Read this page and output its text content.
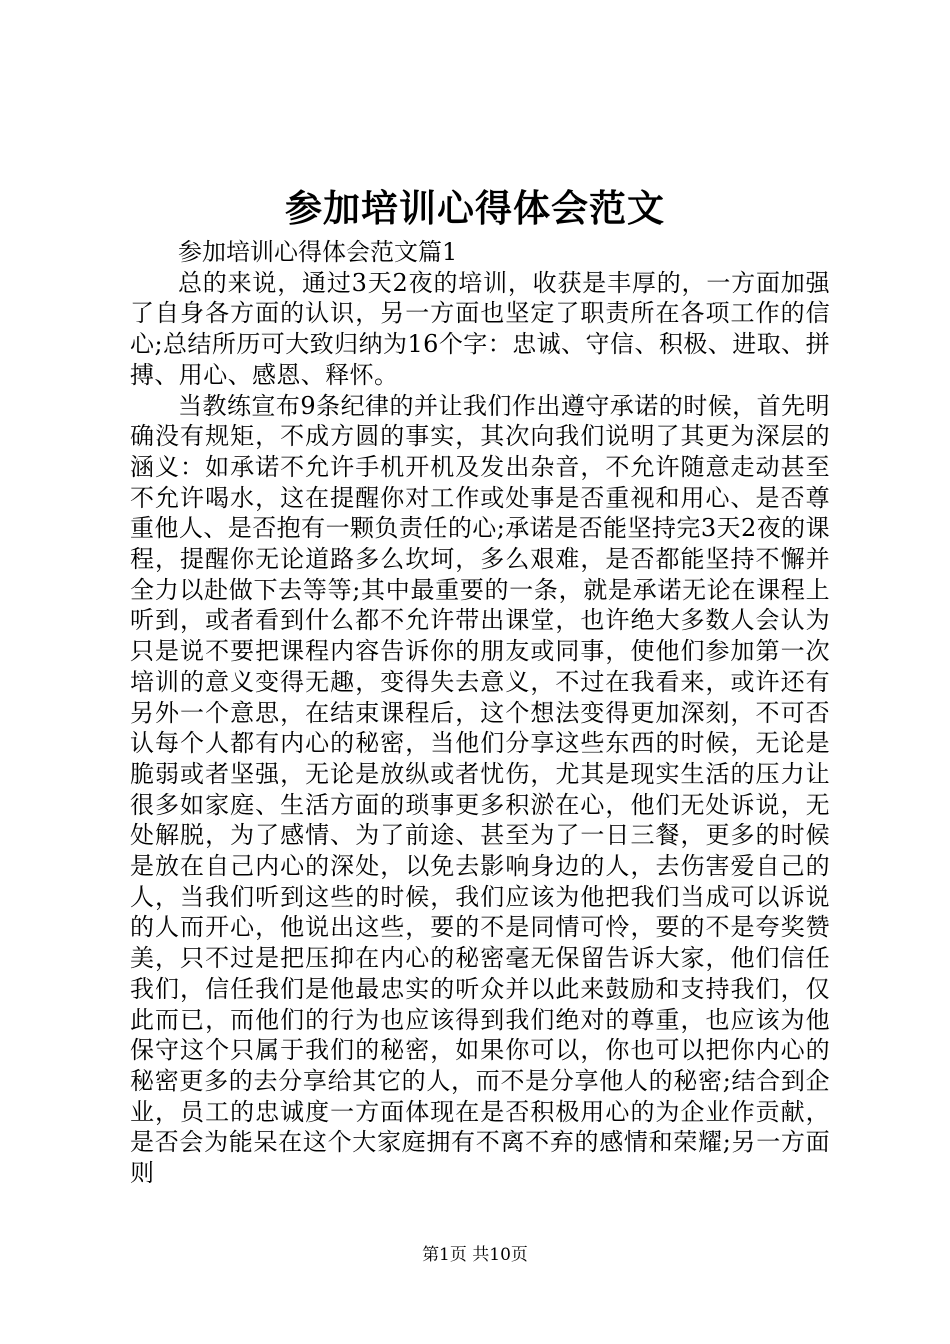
参加培训心得体会范文

参加培训心得体会范文篇1

总的来说，通过3天2夜的培训，收获是丰厚的，一方面加强了自身各方面的认识，另一方面也坚定了职责所在各项工作的信心;总结所历可大致归纳为16个字：忠诚、守信、积极、进取、拼搏、用心、感恩、释怀。

当教练宣布9条纪律的并让我们作出遵守承诺的时候，首先明确没有规矩，不成方圆的事实，其次向我们说明了其更为深层的涵义：如承诺不允许手机开机及发出杂音，不允许随意走动甚至不允许喝水，这在提醒你对工作或处事是否重视和用心、是否尊重他人、是否抱有一颗负责任的心;承诺是否能坚持完3天2夜的课程，提醒你无论道路多么坎坷，多么艰难，是否都能坚持不懈并全力以赴做下去等等;其中最重要的一条，就是承诺无论在课程上听到，或者看到什么都不允许带出课堂，也许绝大多数人会认为只是说不要把课程内容告诉你的朋友或同事，使他们参加第一次培训的意义变得无趣，变得失去意义，不过在我看来，或许还有另外一个意思，在结束课程后，这个想法变得更加深刻，不可否认每个人都有内心的秘密，当他们分享这些东西的时候，无论是脆弱或者坚强，无论是放纵或者忧伤，尤其是现实生活的压力让很多如家庭、生活方面的琐事更多积淤在心，他们无处诉说，无处解脱，为了感情、为了前途、甚至为了一日三餐，更多的时候是放在自己内心的深处，以免去影响身边的人，去伤害爱自己的人，当我们听到这些的时候，我们应该为他把我们当成可以诉说的人而开心，他说出这些，要的不是同情可怜，要的不是夸奖赞美，只不过是把压抑在内心的秘密毫无保留告诉大家，他们信任我们，信任我们是他最忠实的听众并以此来鼓励和支持我们，仅此而已，而他们的行为也应该得到我们绝对的尊重，也应该为他保守这个只属于我们的秘密，如果你可以，你也可以把你内心的秘密更多的去分享给其它的人，而不是分享他人的秘密;结合到企业，员工的忠诚度一方面体现在是否积极用心的为企业作贡献，是否会为能呆在这个大家庭拥有不离不弃的感情和荣耀;另一方面则

第1页 共10页
